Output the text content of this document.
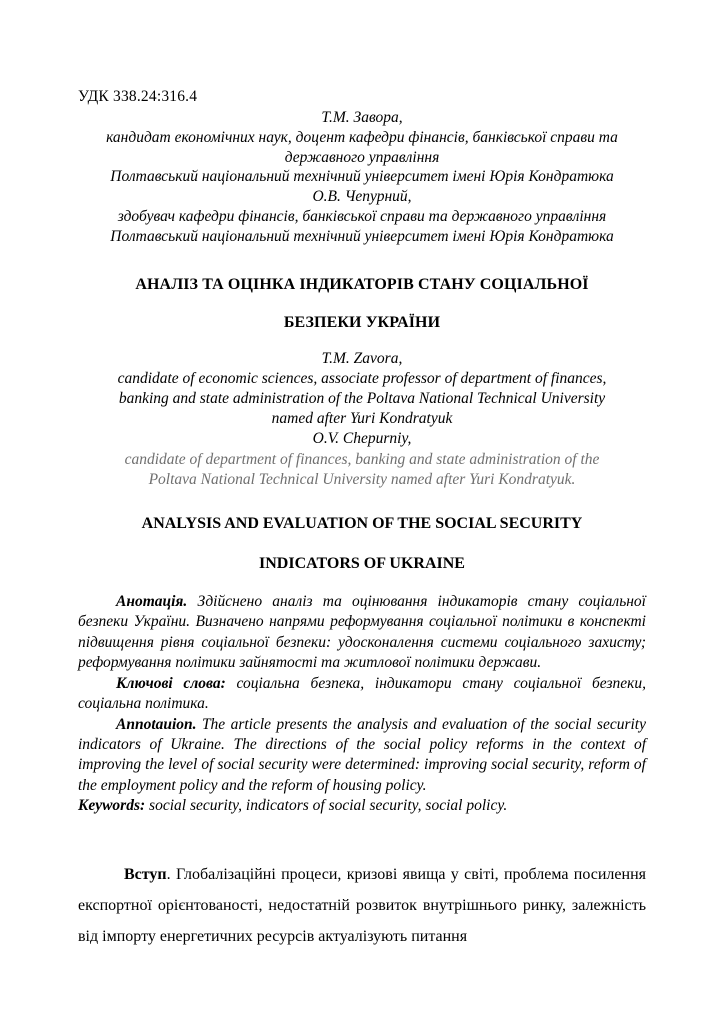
УДК 338.24:316.4
Т.М. Завора,
кандидат економічних наук, доцент кафедри фінансів, банківської справи та
державного управління
Полтавський національний технічний університет імені Юрія Кондратюка
О.В. Чепурний,
здобувач кафедри фінансів, банківської справи та державного управління
Полтавський національний технічний університет імені Юрія Кондратюка
АНАЛІЗ ТА ОЦІНКА ІНДИКАТОРІВ СТАНУ СОЦІАЛЬНОЇ
БЕЗПЕКИ УКРАЇНИ
T.M. Zavora,
candidate of economic sciences, associate professor of department of finances,
banking and state administration of the Poltava National Technical University
named after Yuri Kondratyuk
O.V. Chepurniy,
candidate of department of finances, banking and state administration of the
Poltava National Technical University named after Yuri Kondratyuk.
ANALYSIS AND EVALUATION OF THE SOCIAL SECURITY
INDICATORS OF UKRAINE

Анотація. Здійснено аналіз та оцінювання індикаторів стану соціальної безпеки України. Визначено напрями реформування соціальної політики в конспекті підвищення рівня соціальної безпеки: удосконалення системи соціального захисту; реформування політики зайнятості та житлової політики держави.

Ключові слова: соціальна безпека, індикатори стану соціальної безпеки, соціальна політика.

Annotauion. The article presents the analysis and evaluation of the social security indicators of Ukraine. The directions of the social policy reforms in the context of improving the level of social security were determined: improving social security, reform of the employment policy and the reform of housing policy.

Keywords: social security, indicators of social security, social policy.

Вступ. Глобалізаційні процеси, кризові явища у світі, проблема посилення експортної орієнтованості, недостатній розвиток внутрішнього ринку, залежність від імпорту енергетичних ресурсів актуалізують питання
